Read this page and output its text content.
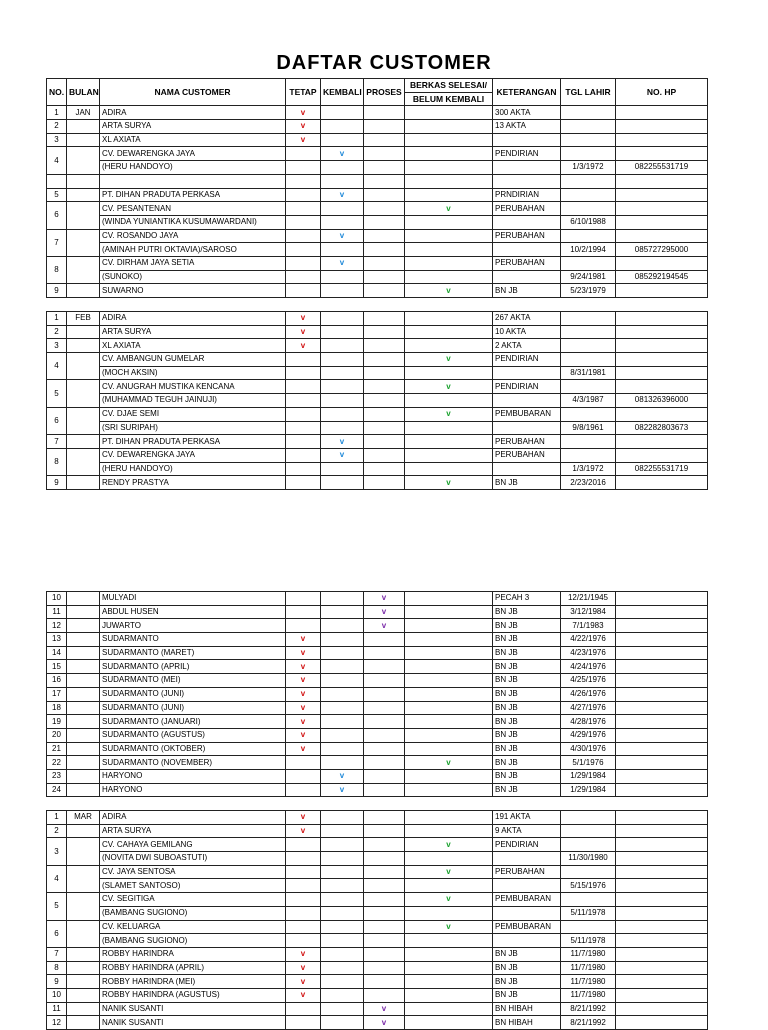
DAFTAR CUSTOMER
NO.	BULAN	NAMA CUSTOMER	TETAP	KEMBALI	PROSES	BERKAS SELESAI/	KETERANGAN	TGL LAHIR	NO. HP
						BELUM KEMBALI			
1	JAN	ADIRA	v				300 AKTA		
2		ARTA SURYA	v				13 AKTA		
3		XL AXIATA	v						
4		CV. DEWARENGKA JAYA		v			PENDIRIAN		
		(HERU HANDOYO)						1/3/1972	082255531719

5		PT. DIHAN PRADUTA PERKASA		v			PRNDIRIAN		
6		CV. PESANTENAN				v	PERUBAHAN		
		(WINDA YUNIANTIKA KUSUMAWARDANI)						6/10/1988	
7		CV. ROSANDO JAYA		v			PERUBAHAN		
		(AMINAH PUTRI OKTAVIA)/SAROSO						10/2/1994	085727295000
8		CV. DIRHAM JAYA SETIA		v			PERUBAHAN		
		(SUNOKO)						9/24/1981	085292194545
9		SUWARNO				v	BN JB	5/23/1979	
1	FEB	ADIRA	v				267 AKTA		
2		ARTA SURYA	v				10 AKTA		
3		XL AXIATA	v				2 AKTA		
4		CV. AMBANGUN GUMELAR				v	PENDIRIAN		
		(MOCH AKSIN)						8/31/1981	
5		CV. ANUGRAH MUSTIKA KENCANA				v	PENDIRIAN		
		(MUHAMMAD TEGUH JAINUJI)						4/3/1987	081326396000
6		CV. DJAE SEMI				v	PEMBUBARAN		
		(SRI SURIPAH)						9/8/1961	082282803673
7		PT. DIHAN PRADUTA PERKASA		v			PERUBAHAN		
8		CV. DEWARENGKA JAYA		v			PERUBAHAN		
		(HERU HANDOYO)						1/3/1972	082255531719
9		RENDY PRASTYA				v	BN JB	2/23/2016	
10		MULYADI			v		PECAH 3	12/21/1945	
11		ABDUL HUSEN			v		BN JB	3/12/1984	
12		JUWARTO			v		BN JB	7/1/1983	
13		SUDARMANTO	v				BN JB	4/22/1976	
14		SUDARMANTO (MARET)	v				BN JB	4/23/1976	
15		SUDARMANTO (APRIL)	v				BN JB	4/24/1976	
16		SUDARMANTO (MEI)	v				BN JB	4/25/1976	
17		SUDARMANTO (JUNI)	v				BN JB	4/26/1976	
18		SUDARMANTO (JUNI)	v				BN JB	4/27/1976	
19		SUDARMANTO (JANUARI)	v				BN JB	4/28/1976	
20		SUDARMANTO (AGUSTUS)	v				BN JB	4/29/1976	
21		SUDARMANTO (OKTOBER)	v				BN JB	4/30/1976	
22		SUDARMANTO (NOVEMBER)				v	BN JB	5/1/1976	
23		HARYONO		v			BN JB	1/29/1984	
24		HARYONO		v			BN JB	1/29/1984	
1	MAR	ADIRA	v				191 AKTA		
2		ARTA SURYA	v				9 AKTA		
3		CV. CAHAYA GEMILANG				v	PENDIRIAN		
		(NOVITA DWI SUBOASTUTI)						11/30/1980	
4		CV. JAYA SENTOSA				v	PERUBAHAN		
		(SLAMET SANTOSO)						5/15/1976	
5		CV. SEGITIGA				v	PEMBUBARAN		
		(BAMBANG SUGIONO)						5/11/1978	
6		CV. KELUARGA				v	PEMBUBARAN		
		(BAMBANG SUGIONO)						5/11/1978	
7		ROBBY HARINDRA	v				BN JB	11/7/1980	
8		ROBBY HARINDRA (APRIL)	v				BN JB	11/7/1980	
9		ROBBY HARINDRA (MEI)	v				BN JB	11/7/1980	
10		ROBBY HARINDRA (AGUSTUS)	v				BN JB	11/7/1980	
11		NANIK SUSANTI			v		BN HIBAH	8/21/1992	
12		NANIK SUSANTI			v		BN HIBAH	8/21/1992	
